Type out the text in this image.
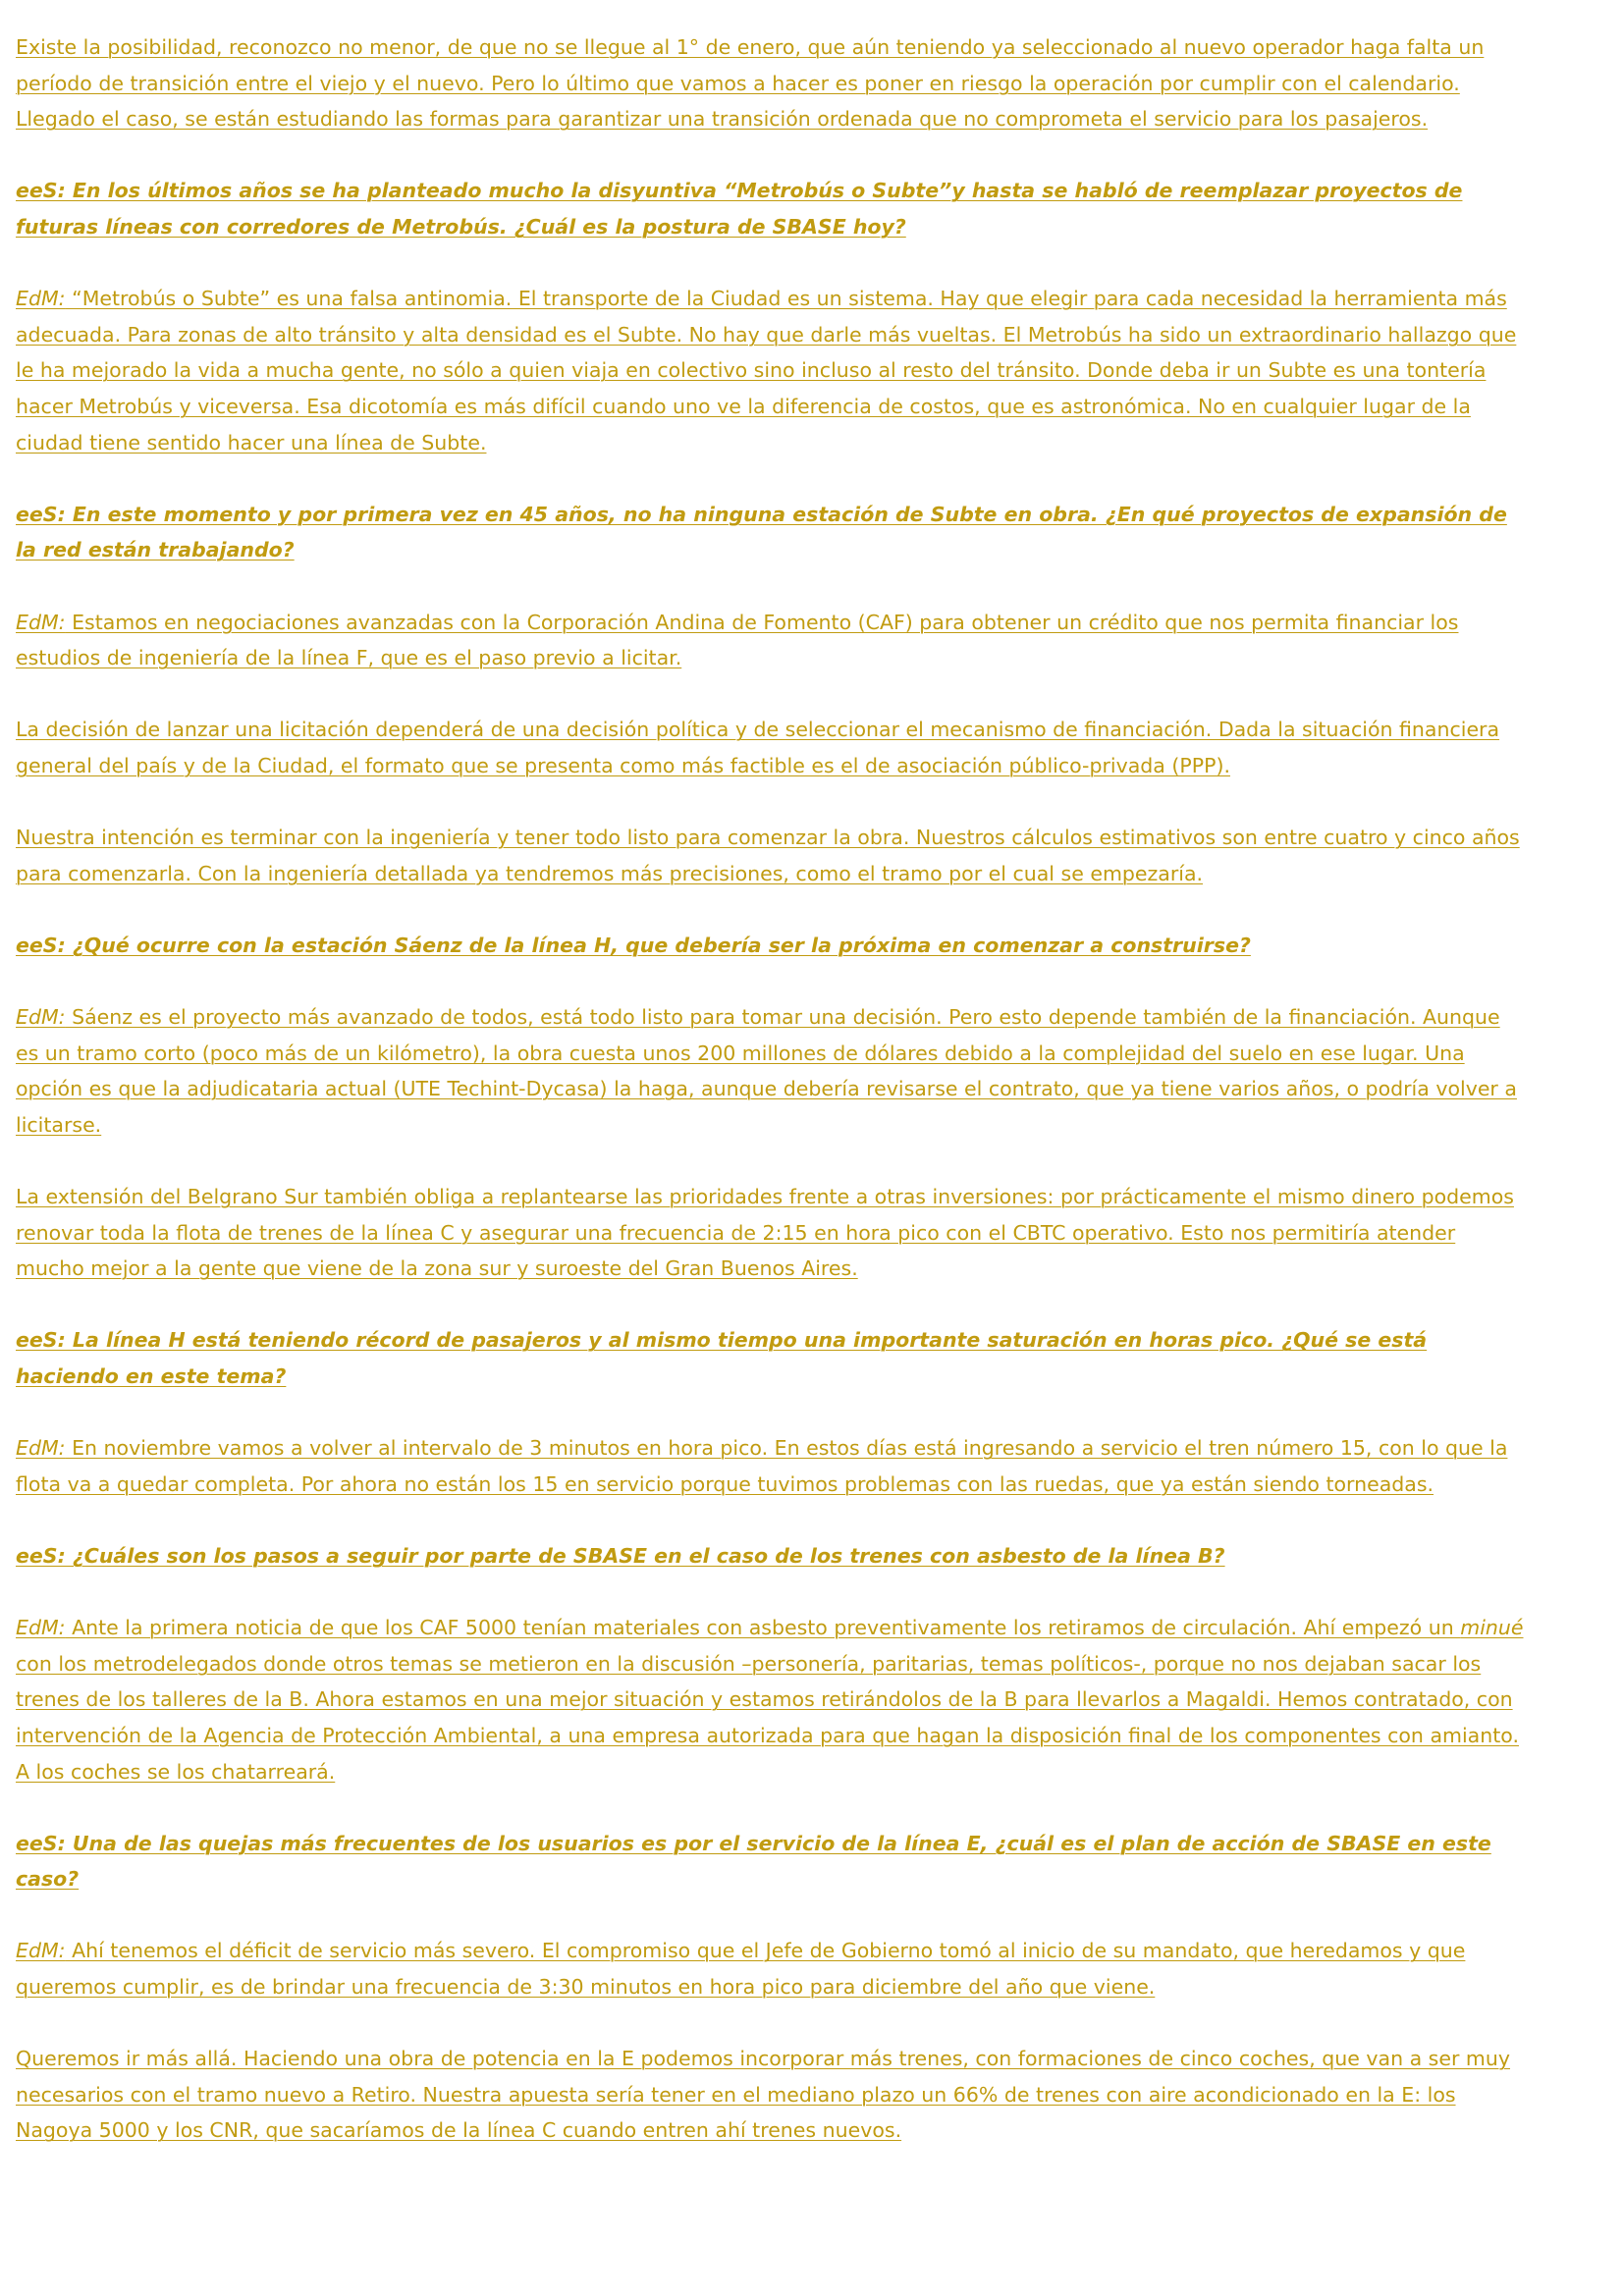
Existe la posibilidad, reconozco no menor, de que no se llegue al 1° de enero, que aún teniendo ya seleccionado al nuevo operador haga falta un período de transición entre el viejo y el nuevo. Pero lo último que vamos a hacer es poner en riesgo la operación por cumplir con el calendario. Llegado el caso, se están estudiando las formas para garantizar una transición ordenada que no comprometa el servicio para los pasajeros.

eeS: En los últimos años se ha planteado mucho la disyuntiva “Metrobús o Subte”y hasta se habló de reemplazar proyectos de futuras líneas con corredores de Metrobús. ¿Cuál es la postura de SBASE hoy?

EdM: “Metrobús o Subte” es una falsa antinomia. El transporte de la Ciudad es un sistema. Hay que elegir para cada necesidad la herramienta más adecuada. Para zonas de alto tránsito y alta densidad es el Subte. No hay que darle más vueltas. El Metrobús ha sido un extraordinario hallazgo que le ha mejorado la vida a mucha gente, no sólo a quien viaja en colectivo sino incluso al resto del tránsito. Donde deba ir un Subte es una tontería hacer Metrobús y viceversa. Esa dicotomía es más difícil cuando uno ve la diferencia de costos, que es astronómica. No en cualquier lugar de la ciudad tiene sentido hacer una línea de Subte.

eeS: En este momento y por primera vez en 45 años, no ha ninguna estación de Subte en obra. ¿En qué proyectos de expansión de la red están trabajando?

EdM: Estamos en negociaciones avanzadas con la Corporación Andina de Fomento (CAF) para obtener un crédito que nos permita financiar los estudios de ingeniería de la línea F, que es el paso previo a licitar.

La decisión de lanzar una licitación dependerá de una decisión política y de seleccionar el mecanismo de financiación. Dada la situación financiera general del país y de la Ciudad, el formato que se presenta como más factible es el de asociación público-privada (PPP).

Nuestra intención es terminar con la ingeniería y tener todo listo para comenzar la obra. Nuestros cálculos estimativos son entre cuatro y cinco años para comenzarla. Con la ingeniería detallada ya tendremos más precisiones, como el tramo por el cual se empezaría.

eeS: ¿Qué ocurre con la estación Sáenz de la línea H, que debería ser la próxima en comenzar a construirse?

EdM: Sáenz es el proyecto más avanzado de todos, está todo listo para tomar una decisión. Pero esto depende también de la financiación. Aunque es un tramo corto (poco más de un kilómetro), la obra cuesta unos 200 millones de dólares debido a la complejidad del suelo en ese lugar. Una opción es que la adjudicataria actual (UTE Techint-Dycasa) la haga, aunque debería revisarse el contrato, que ya tiene varios años, o podría volver a licitarse.

La extensión del Belgrano Sur también obliga a replantearse las prioridades frente a otras inversiones: por prácticamente el mismo dinero podemos renovar toda la flota de trenes de la línea C y asegurar una frecuencia de 2:15 en hora pico con el CBTC operativo. Esto nos permitiría atender mucho mejor a la gente que viene de la zona sur y suroeste del Gran Buenos Aires.

eeS: La línea H está teniendo récord de pasajeros y al mismo tiempo una importante saturación en horas pico. ¿Qué se está haciendo en este tema?

EdM: En noviembre vamos a volver al intervalo de 3 minutos en hora pico. En estos días está ingresando a servicio el tren número 15, con lo que la flota va a quedar completa. Por ahora no están los 15 en servicio porque tuvimos problemas con las ruedas, que ya están siendo torneadas.

eeS: ¿Cuáles son los pasos a seguir por parte de SBASE en el caso de los trenes con asbesto de la línea B?

EdM: Ante la primera noticia de que los CAF 5000 tenían materiales con asbesto preventivamente los retiramos de circulación. Ahí empezó un minué con los metrodelegados donde otros temas se metieron en la discusión –personería, paritarias, temas políticos-, porque no nos dejaban sacar los trenes de los talleres de la B. Ahora estamos en una mejor situación y estamos retirándolos de la B para llevarlos a Magaldi. Hemos contratado, con intervención de la Agencia de Protección Ambiental, a una empresa autorizada para que hagan la disposición final de los componentes con amianto. A los coches se los chatarreará.

eeS: Una de las quejas más frecuentes de los usuarios es por el servicio de la línea E, ¿cuál es el plan de acción de SBASE en este caso?

EdM: Ahí tenemos el déficit de servicio más severo. El compromiso que el Jefe de Gobierno tomó al inicio de su mandato, que heredamos y que queremos cumplir, es de brindar una frecuencia de 3:30 minutos en hora pico para diciembre del año que viene.

Queremos ir más allá. Haciendo una obra de potencia en la E podemos incorporar más trenes, con formaciones de cinco coches, que van a ser muy necesarios con el tramo nuevo a Retiro. Nuestra apuesta sería tener en el mediano plazo un 66% de trenes con aire acondicionado en la E: los Nagoya 5000 y los CNR, que sacaríamos de la línea C cuando entren ahí trenes nuevos.
